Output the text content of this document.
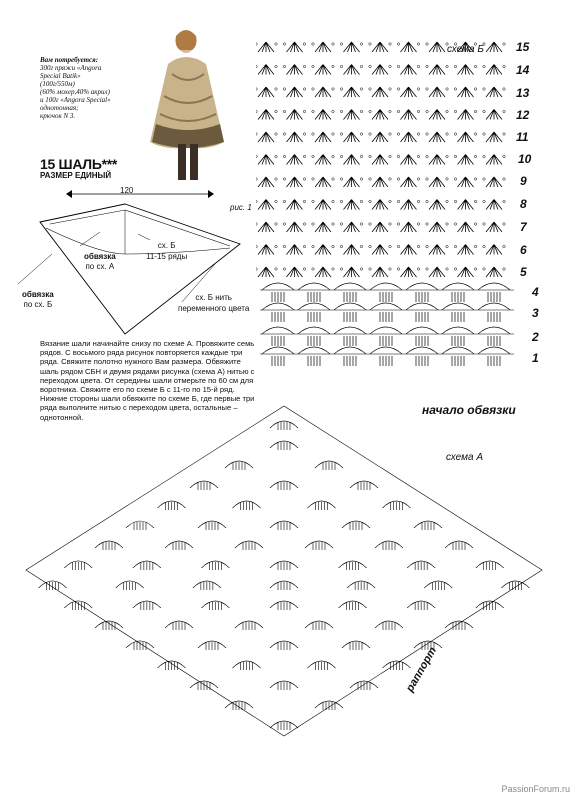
Вам потребуется:
300г пряжи «Angora
Special Batik»
(100г/550м)
(60% мохер,40% акрил)
и 100г «Angora Special»
однотонная;
крючок N 3.
15 ШАЛЬ***
РАЗМЕР ЕДИНЫЙ
рис. 1
120
обвязка
по сх. А
сх. Б
11-15 ряды
обвязка
по сх. Б
сх. Б нить
переменного цвета
Вязание шали начинайте снизу по схеме А. Провяжите семь рядов. С восьмого ряда рисунок повторяется каждые три ряда. Свяжите полотно нужного Вам размера. Обвяжите шаль рядом СБН и двумя рядами рисунка (схема А) нитью с переходом цвета. От середины шали отмерьте по 60 см для воротника. Свяжите его по схеме Б с 11-го по 15-й ряд. Нижние стороны шали обвяжите по схеме Б, где первые три ряда выполните нитью с переходом цвета, остальные – однотонной.
схема Б	15
14
13
12
11
10
9
8
7
6
5
4
3
2
1
начало обвязки
схема А
раппорт
PassionForum.ru
